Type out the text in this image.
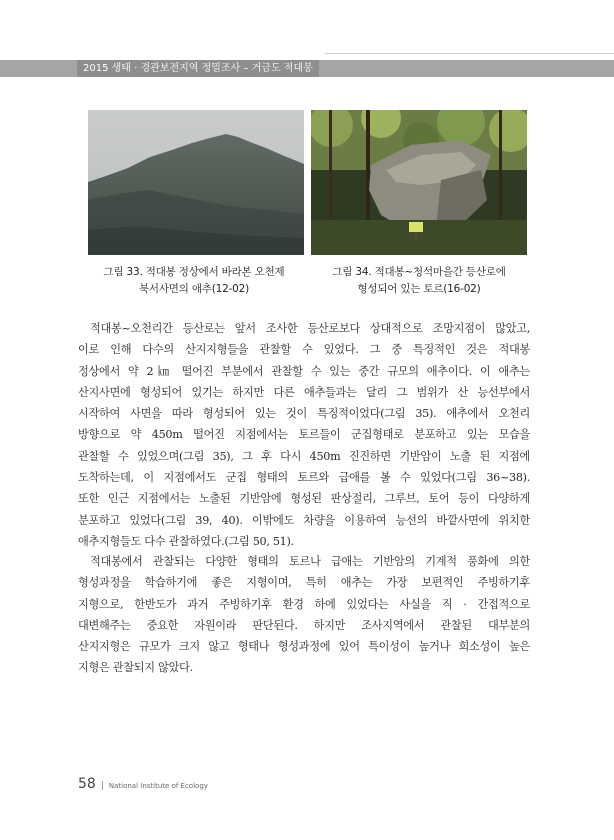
2015 생태 · 경관보전지역 정밀조사 – 거금도 적대봉
그림 33. 적대봉 정상에서 바라본 오천제
북서사면의 애추(12-02)
그림 34. 적대봉~청석마을간 등산로에
형성되어 있는 토르(16-02)
적대봉~오천리간 등산로는 앞서 조사한 등산로보다 상대적으로 조망지점이 많았고,
이로 인해 다수의 산지지형들을 관찰할 수 있었다. 그 중 특징적인 것은 적대봉
정상에서 약 2㎞ 떨어진 부분에서 관찰할 수 있는 중간 규모의 애추이다. 이 애추는
산지사면에 형성되어 있기는 하지만 다른 애추들과는 달리 그 범위가 산 능선부에서
시작하여 사면을 따라 형성되어 있는 것이 특징적이었다(그림 35). 애추에서 오천리
방향으로 약 450m 떨어진 지점에서는 토르들이 군집형태로 분포하고 있는 모습을
관찰할 수 있었으며(그림 35), 그 후 다시 450m 진진하면 기반암이 노출 된 지점에
도착하는데, 이 지점에서도 군집 형태의 토르와 급애를 볼 수 있었다(그림 36~38).
또한 인근 지점에서는 노출된 기반암에 형성된 판상절리, 그루브, 토어 등이 다양하게
분포하고 있었다(그림 39, 40). 이밖에도 차량을 이용하여 능선의 바깥사면에 위치한
애추지형들도 다수 관찰하였다.(그림 50, 51).
적대봉에서 관찰되는 다양한 형태의 토르나 급애는 기반암의 기계적 풍화에 의한
형성과정을 학습하기에 좋은 지형이며, 특히 애추는 가장 보편적인 주빙하기후
지형으로, 한반도가 과거 주빙하기후 환경 하에 있었다는 사실을 직 · 간접적으로
대변해주는 중요한 자원이라 판단된다. 하지만 조사지역에서 관찰된 대부분의
산지지형은 규모가 크지 않고 형태나 형성과정에 있어 특이성이 높거나 희소성이 높은
지형은 관찰되지 않았다.
58 | National Institute of Ecology
